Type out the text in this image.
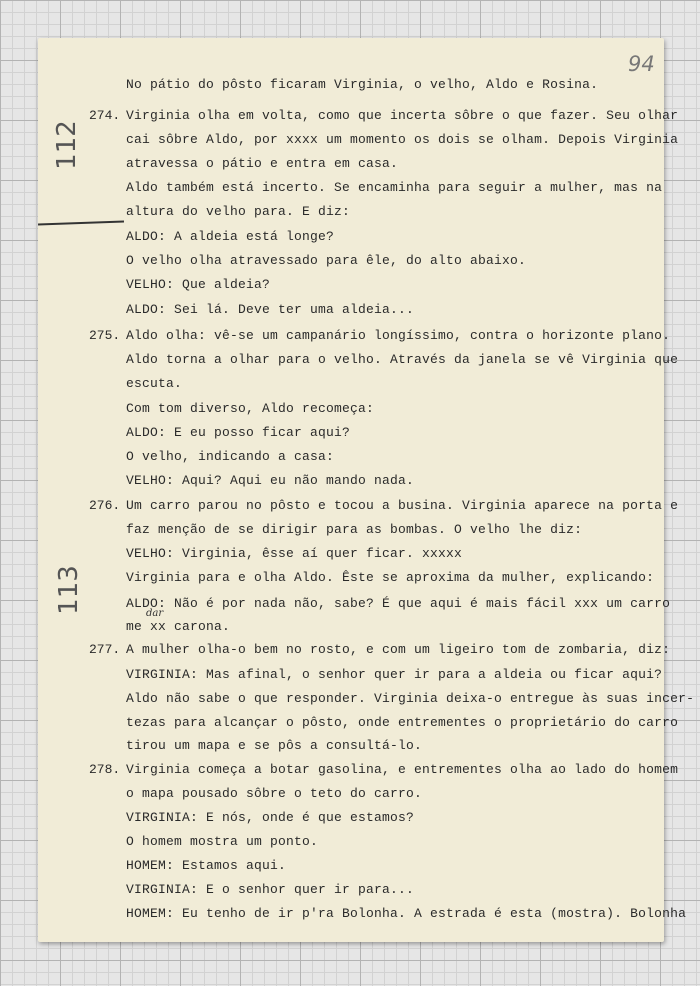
94
112
113
274.
275.
276.
277.
278.
dar
No pátio do pôsto ficaram Virginia, o velho, Aldo e Rosina.
Virginia olha em volta, como que incerta sôbre o que fazer. Seu olhar
cai sôbre Aldo, por xxxx um momento os dois se olham. Depois Virginia
atravessa o pátio e entra em casa.
Aldo também está incerto. Se encaminha para seguir a mulher, mas na
altura do velho para. E diz:
ALDO: A aldeia está longe?
O velho olha atravessado para êle, do alto abaixo.
VELHO: Que aldeia?
ALDO: Sei lá. Deve ter uma aldeia...
Aldo olha: vê-se um campanário longíssimo, contra o horizonte plano.
Aldo torna a olhar para o velho. Através da janela se vê Virginia que
escuta.
Com tom diverso, Aldo recomeça:
ALDO: E eu posso ficar aqui?
O velho, indicando a casa:
VELHO: Aqui? Aqui eu não mando nada.
Um carro parou no pôsto e tocou a busina. Virginia aparece na porta e
faz menção de se dirigir para as bombas. O velho lhe diz:
VELHO: Virginia, êsse aí quer ficar. xxxxx
Virginia para e olha Aldo. Êste se aproxima da mulher, explicando:
ALDO: Não é por nada não, sabe? É que aqui é mais fácil xxx um carro
me xx carona.
A mulher olha-o bem no rosto, e com um ligeiro tom de zombaria, diz:
VIRGINIA: Mas afinal, o senhor quer ir para a aldeia ou ficar aqui?
Aldo não sabe o que responder. Virginia deixa-o entregue às suas incer-
tezas para alcançar o pôsto, onde entrementes o proprietário do carro
tirou um mapa e se pôs a consultá-lo.
Virginia começa a botar gasolina, e entrementes olha ao lado do homem
o mapa pousado sôbre o teto do carro.
VIRGINIA: E nós, onde é que estamos?
O homem mostra um ponto.
HOMEM: Estamos aqui.
VIRGINIA: E o senhor quer ir para...
HOMEM: Eu tenho de ir p'ra Bolonha. A estrada é esta (mostra). Bolonha
